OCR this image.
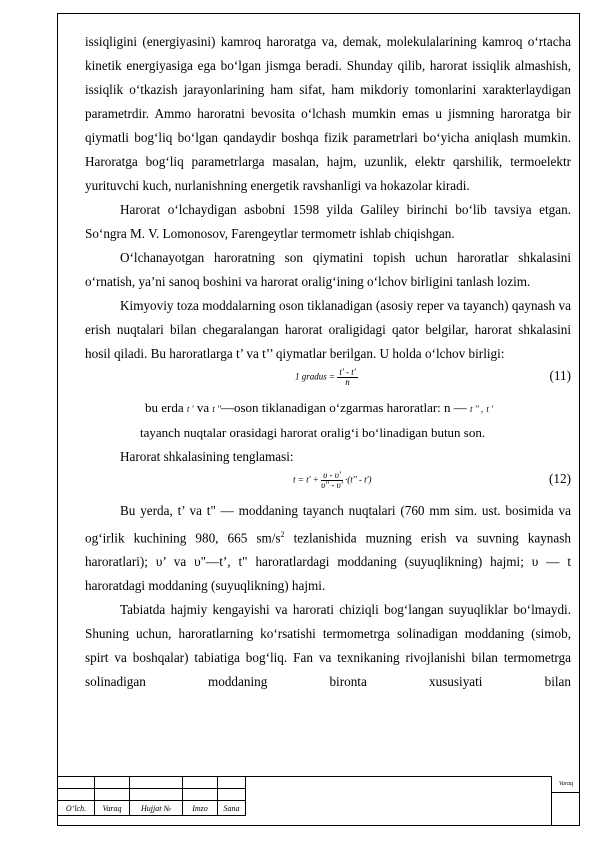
issiqligini (energiyasini) kamroq haroratga va, demak, molekulalarining kamroq o‘rtacha kinetik energiyasiga ega bo‘lgan jismga beradi. Shunday qilib, harorat issiqlik almashish, issiqlik o‘tkazish jarayonlarining ham sifat, ham mikdoriy tomonlarini xarakterlaydigan parametrdir. Ammo haroratni bevosita o‘lchash mumkin emas u jismning haroratga bir qiymatli bog‘liq bo‘lgan qandaydir boshqa fizik parametrlari bo‘yicha aniqlash mumkin. Haroratga bog‘liq parametrlarga masalan, hajm, uzunlik, elektr qarshilik, termoelektr yurituvchi kuch, nurlanishning energetik ravshanligi va hokazolar kiradi.

Harorat o‘lchaydigan asbobni 1598 yilda Galiley birinchi bo‘lib tavsiya etgan. So‘ngra M. V. Lomonosov, Farengeytlar termometr ishlab chiqishgan.

O‘lchanayotgan haroratning son qiymatini topish uchun haroratlar shkalasini o‘rnatish, ya’ni sanoq boshini va harorat oralig‘ining o‘lchov birligini tanlash lozim.

Kimyoviy toza moddalarning oson tiklanadigan (asosiy reper va tayanch) qaynash va erish nuqtalari bilan chegaralangan harorat oraligidagi qator belgilar, harorat shkalasini hosil qiladi. Bu haroratlarga t’ va t’’ qiymatlar berilgan. U holda o‘lchov birligi:

1 gradus = $\frac{t' - t'}{n}$	(11)

bu erda t ' va t ''—oson tiklanadigan o‘zgarmas haroratlar: n — t '' , t '

tayanch nuqtalar orasidagi harorat oralig‘i bo‘linadigan butun son.

Harorat shkalasining tenglamasi:

$t = t' + \frac{\upsilon - \upsilon'}{\upsilon'' - \upsilon'} \cdot(t'' - t')$	(12)

Bu yerda, t’ va t" — moddaning tayanch nuqtalari (760 mm sim. ust. bosimida va og‘irlik kuchining 980, 665 $sm/s^2$ tezlanishida muzning erish va suvning kaynash haroratlari); υ’ va υ"—t’, t" haroratlardagi moddaning (suyuqlikning) hajmi; υ — t haroratdagi moddaning (suyuqlikning) hajmi.

Tabiatda hajmiy kengayishi va harorati chiziqli bog‘langan suyuqliklar bo‘lmaydi. Shuning uchun, haroratlarning ko‘rsatishi termometrga solinadigan moddaning (simob, spirt va boshqalar) tabiatiga bog‘liq. Fan va texnikaning rivojlanishi bilan termometrga solinadigan moddaning bironta xususiyati bilan

O‘lch.	Varaq	Hujjat №	Imzo	Sana
Varaq
